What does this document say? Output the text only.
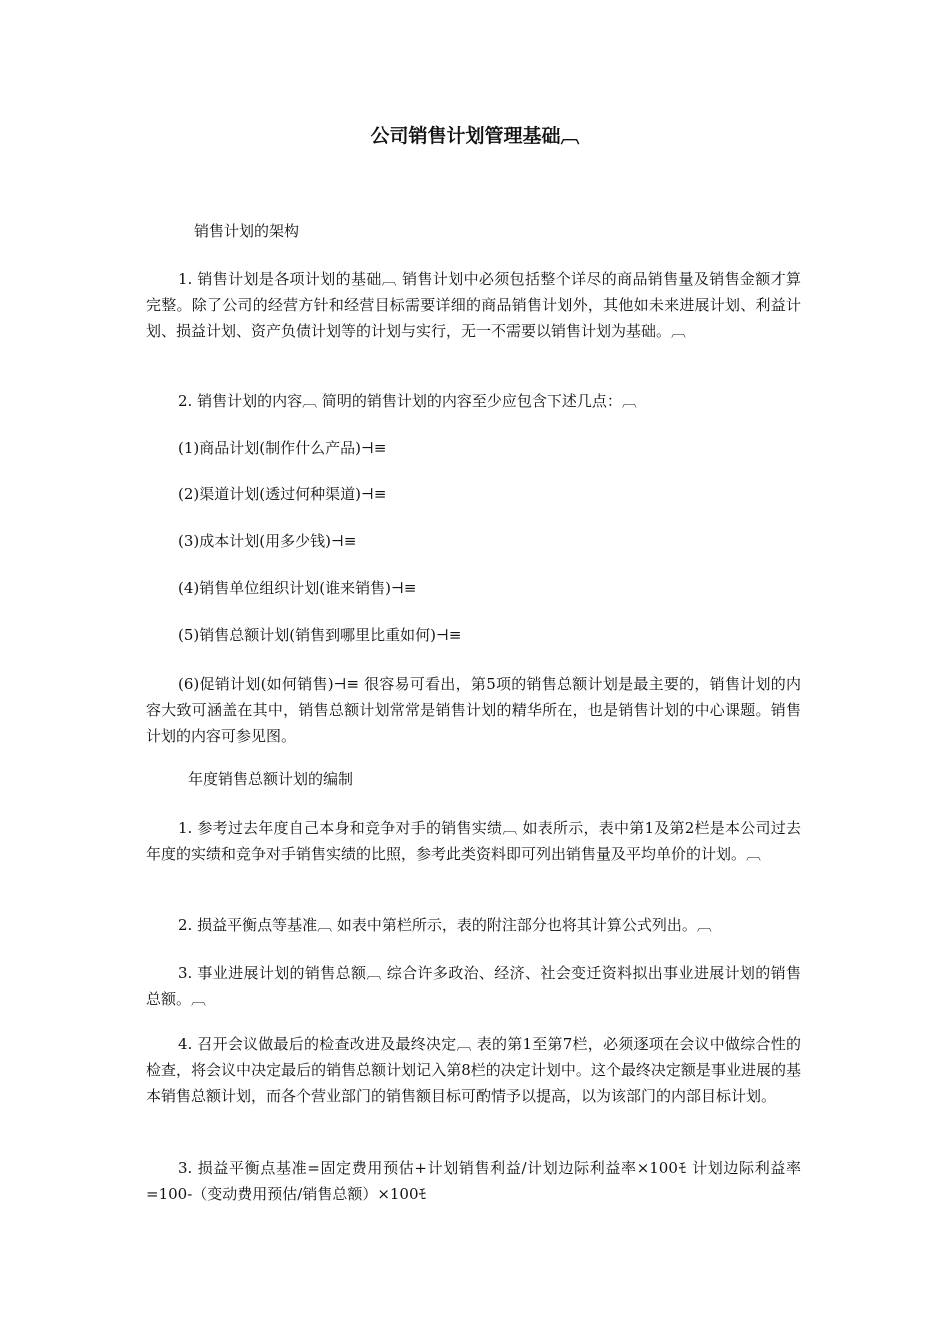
公司销售计划管理基础︹
销售计划的架构
1. 销售计划是各项计划的基础︹ 销售计划中必须包括整个详尽的商品销售量及销售金额才算完整。除了公司的经营方针和经营目标需要详细的商品销售计划外，其他如未来进展计划、利益计划、损益计划、资产负债计划等的计划与实行，无一不需要以销售计划为基础。︹
2. 销售计划的内容︹ 简明的销售计划的内容至少应包含下述几点：︹
(1)商品计划(制作什么产品)⊣≡
(2)渠道计划(透过何种渠道)⊣≡
(3)成本计划(用多少钱)⊣≡
(4)销售单位组织计划(谁来销售)⊣≡
(5)销售总额计划(销售到哪里比重如何)⊣≡
(6)促销计划(如何销售)⊣≡ 很容易可看出，第5项的销售总额计划是最主要的，销售计划的内容大致可涵盖在其中，销售总额计划常常是销售计划的精华所在，也是销售计划的中心课题。销售计划的内容可参见图。
年度销售总额计划的编制
1. 参考过去年度自己本身和竞争对手的销售实绩︹ 如表所示，表中第1及第2栏是本公司过去年度的实绩和竞争对手销售实绩的比照，参考此类资料即可列出销售量及平均单价的计划。︹
2. 损益平衡点等基准︹ 如表中第栏所示，表的附注部分也将其计算公式列出。︹
3. 事业进展计划的销售总额︹ 综合许多政治、经济、社会变迁资料拟出事业进展计划的销售总额。︹
4. 召开会议做最后的检查改进及最终决定︹ 表的第1至第7栏，必须逐项在会议中做综合性的检查，将会议中决定最后的销售总额计划记入第8栏的决定计划中。这个最终决定额是事业进展的基本销售总额计划，而各个营业部门的销售额目标可酌情予以提高，以为该部门的内部目标计划。
3. 损益平衡点基准=固定费用预估+计划销售利益/计划边际利益率×100ﾓ 计划边际利益率=100-（变动费用预估/销售总额）×100ﾓ
